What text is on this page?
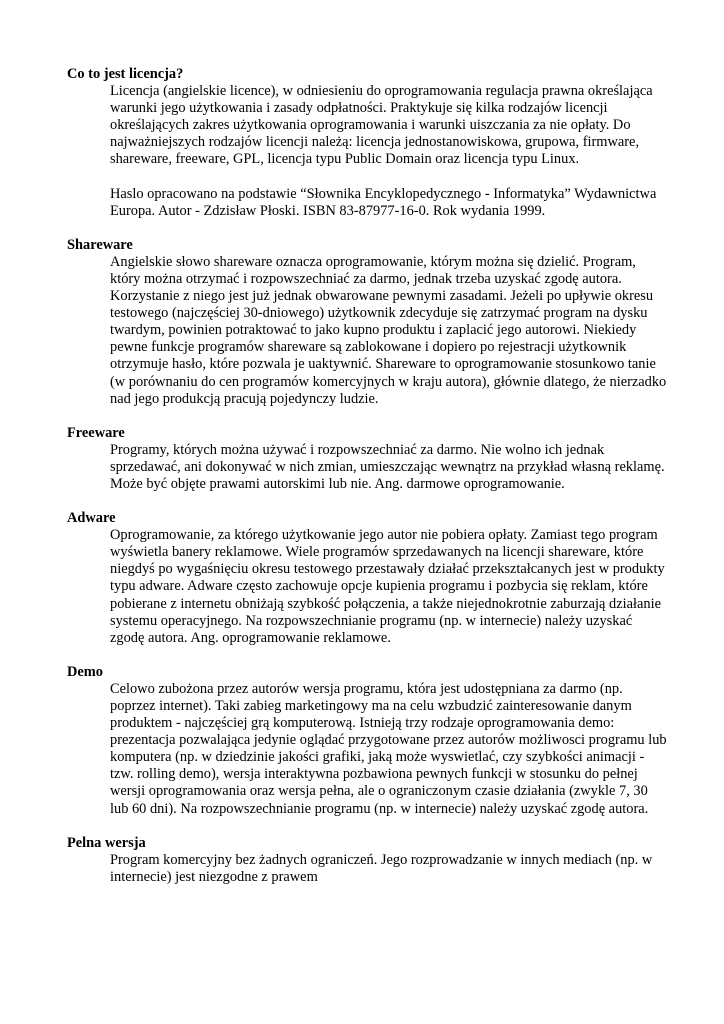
Co to jest licencja?

Licencja (angielskie licence), w odniesieniu do oprogramowania regulacja prawna określająca warunki jego użytkowania i zasady odpłatności. Praktykuje się kilka rodzajów licencji określających zakres użytkowania oprogramowania i warunki uiszczania za nie opłaty. Do najważniejszych rodzajów licencji należą: licencja jednostanowiskowa, grupowa, firmware, shareware, freeware, GPL, licencja typu Public Domain oraz licencja typu Linux.

Haslo opracowano na podstawie “Słownika Encyklopedycznego - Informatyka” Wydawnictwa Europa. Autor - Zdzisław Płoski. ISBN 83-87977-16-0. Rok wydania 1999.

Shareware

Angielskie słowo shareware oznacza oprogramowanie, którym można się dzielić. Program, który można otrzymać i rozpowszechniać za darmo, jednak trzeba uzyskać zgodę autora. Korzystanie z niego jest już jednak obwarowane pewnymi zasadami. Jeżeli po upływie okresu testowego (najczęściej 30-dniowego) użytkownik zdecyduje się zatrzymać program na dysku twardym, powinien potraktować to jako kupno produktu i zaplacić jego autorowi. Niekiedy pewne funkcje programów shareware są zablokowane i dopiero po rejestracji użytkownik otrzymuje hasło, które pozwala je uaktywnić. Shareware to oprogramowanie stosunkowo tanie (w porównaniu do cen programów komercyjnych w kraju autora), głównie dlatego, że nierzadko nad jego produkcją pracują pojedynczy ludzie.

Freeware

Programy, których można używać i rozpowszechniać za darmo. Nie wolno ich jednak sprzedawać, ani dokonywać w nich zmian, umieszczając wewnątrz na przykład własną reklamę. Może być objęte prawami autorskimi lub nie. Ang. darmowe oprogramowanie.

Adware

Oprogramowanie, za którego użytkowanie jego autor nie pobiera opłaty. Zamiast tego program wyświetla banery reklamowe. Wiele programów sprzedawanych na licencji shareware, które niegdyś po wygaśnięciu okresu testowego przestawały działać przekształcanych jest w produkty typu adware. Adware często zachowuje opcje kupienia programu i pozbycia się reklam, które pobierane z internetu obniżają szybkość połączenia, a także niejednokrotnie zaburzają działanie systemu operacyjnego. Na rozpowszechnianie programu (np. w internecie) należy uzyskać zgodę autora. Ang. oprogramowanie reklamowe.

Demo

Celowo zubożona przez autorów wersja programu, która jest udostępniana za darmo (np. poprzez internet). Taki zabieg marketingowy ma na celu wzbudzić zainteresowanie danym produktem - najczęściej grą komputerową. Istnieją trzy rodzaje oprogramowania demo: prezentacja pozwalająca jedynie oglądać przygotowane przez autorów możliwosci programu lub komputera (np. w dziedzinie jakości grafiki, jaką może wyswietlać, czy szybkości animacji - tzw. rolling demo), wersja interaktywna pozbawiona pewnych funkcji w stosunku do pełnej wersji oprogramowania oraz wersja pełna, ale o ograniczonym czasie działania (zwykle 7, 30 lub 60 dni). Na rozpowszechnianie programu (np. w internecie) należy uzyskać zgodę autora.

Pelna wersja

Program komercyjny bez żadnych ograniczeń. Jego rozprowadzanie w innych mediach (np. w internecie) jest niezgodne z prawem
